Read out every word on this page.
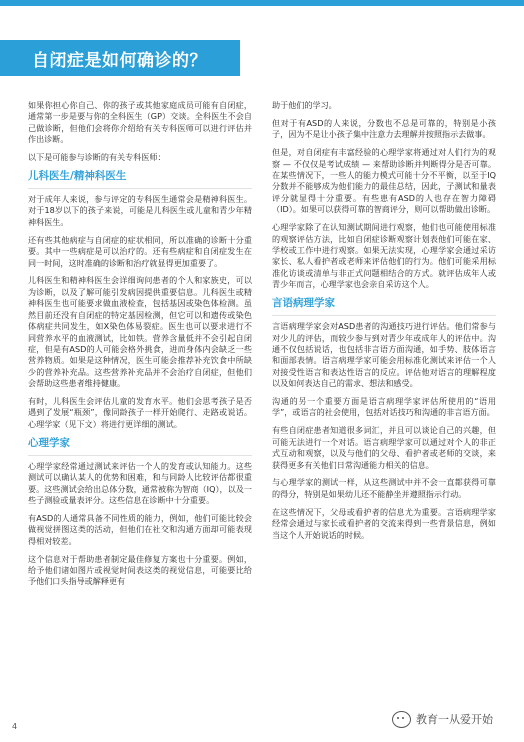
自闭症是如何确诊的？

如果你担心你自己、你的孩子或其他家庭成员可能有自闭症，通常第一步是要与你的全科医生（GP）交谈。全科医生不会自己做诊断，但他们会将你介绍给有关专科医师可以进行评估并作出诊断。

以下是可能参与诊断的有关专科医师：

儿科医生/精神科医生

对于成年人来说，参与评定的专科医生通常会是精神科医生。对于18岁以下的孩子来说，可能是儿科医生或儿童和青少年精神科医生。

还有些其他病症与自闭症的症状相同，所以准确的诊断十分重要。其中一些病症是可以治疗的。还有些病症和自闭症发生在同一时间，这时准确的诊断和治疗就显得更加重要了。

儿科医生和精神科医生会详细询问患者的个人和家族史，可以为诊断，以及了解可能引发病因提供重要信息。儿科医生或精神科医生也可能要求做血液检查，包括基因或染色体检测。虽然目前还没有自闭症的特定基因检测，但它可以和遗传或染色体病症共同发生，如X染色体易裂症。医生也可以要求进行不同营养水平的血液测试，比如铁。营养含量低并不会引起自闭症，但是有ASD的人可能会格外挑食，进而身体内会缺乏一些营养物质。如果是这种情况，医生可能会推荐补充饮食中所缺少的营养补充品。这些营养补充品并不会治疗自闭症，但他们会帮助这些患者维持健康。

有时，儿科医生会评估儿童的发育水平。他们会思考孩子是否遇到了发展“瓶颈”，像同龄孩子一样开始爬行、走路或说话。心理学家（见下文）将进行更详细的测试。

心理学家

心理学家经常通过测试来评估一个人的发育或认知能力。这些测试可以确认某人的优势和困难，和与同龄人比较评估都很重要。这些测试会给出总体分数，通常被称为智商（IQ），以及一些子测验或量表评分。这些信息在诊断中十分重要。

有ASD的人通常具备不同性质的能力，例如，他们可能比较会做视觉拼图这类的活动，但他们在社交和沟通方面却可能表现得相对较差。

这个信息对于帮助患者制定最佳修复方案也十分重要。例如，给予他们诸如图片或视觉时间表这类的视觉信息，可能要比给予他们口头指导或解释更有

助于他们的学习。

但对于有ASD的人来说，分数也不总是可靠的，特别是小孩子，因为不是让小孩子集中注意力去理解并按照指示去做事。

但是，对自闭症有丰富经验的心理学家将通过对人们行为的观察 — 不仅仅是考试成绩 — 来帮助诊断并判断得分是否可靠。在某些情况下，一些人的能力模式可能十分不平衡，以至于IQ分数并不能够成为他们能力的最佳总结，因此，子测试和量表评分就显得十分重要。有些患有ASD的人也存在智力障碍（ID）。如果可以获得可靠的智商评分，则可以帮助做出诊断。

心理学家除了在认知测试期间进行观察，他们也可能使用标准的观察评估方法，比如自闭症诊断观察计划表他们可能在家、学校或工作中进行观察。如果无法实现，心理学家会通过采访家长、私人看护者或老师来评估他们的行为。他们可能采用标准化访谈或清单与非正式问题相结合的方式。就评估成年人或青少年而言，心理学家也会亲自采访这个人。

言语病理学家

言语病理学家会对ASD患者的沟通技巧进行评估。他们常参与对少儿的评估，而较少参与到对青少年或成年人的评估中。沟通不仅包括说话，也包括非言语方面沟通，如手势、肢体语言和面部表情。语言病理学家可能会用标准化测试来评估一个人对接受性语言和表达性语言的反应。评估他对语言的理解程度以及如何表达自己的需求、想法和感受。

沟通的另一个重要方面是语言病理学家评估所使用的“语用学”，或语言的社会使用，包括对话技巧和沟通的非言语方面。

有些自闭症患者知道很多词汇，并且可以谈论自己的兴趣，但可能无法进行一个对话。语言病理学家可以通过对个人的非正式互动和观察，以及与他们的父母、看护者或老师的交谈，来获得更多有关他们日常沟通能力相关的信息。

与心理学家的测试一样，从这些测试中并不会一直都获得可靠的得分，特别是如果幼儿还不能静坐并遵照指示行动。

在这些情况下，父母或看护者的信息尤为重要。言语病理学家经常会通过与家长或看护者的交流来得到一些背景信息，例如当这个人开始说话的时候。

4
教育一从爱开始
